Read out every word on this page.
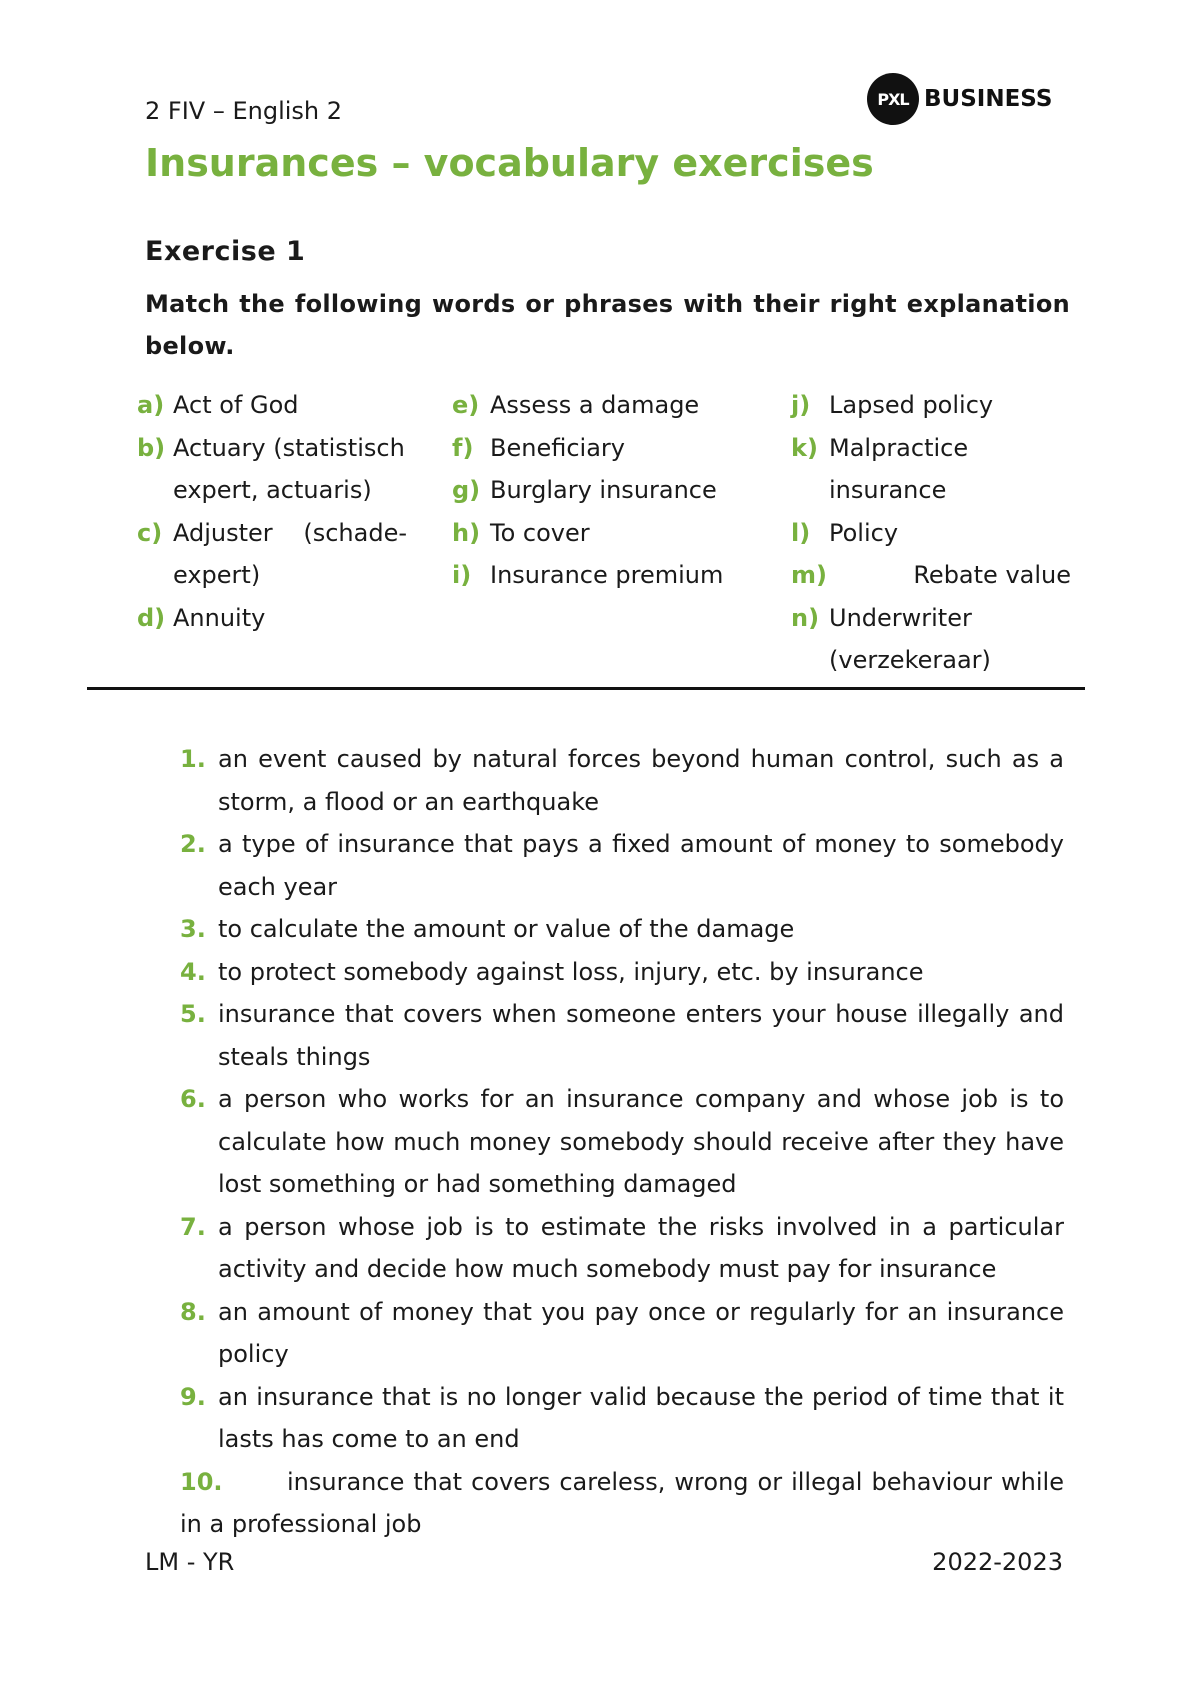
2 FIV – English 2	PXL BUSINESS
Insurances – vocabulary exercises
Exercise 1
Match the following words or phrases with their right explanation below.
a) Act of God
b) Actuary (statistisch expert, actuaris)
c) Adjuster (schade-expert)
d) Annuity
e) Assess a damage
f) Beneficiary
g) Burglary insurance
h) To cover
i) Insurance premium
j) Lapsed policy
k) Malpractice insurance
l) Policy
m)	Rebate value
n) Underwriter (verzekeraar)
1. an event caused by natural forces beyond human control, such as a storm, a flood or an earthquake
2. a type of insurance that pays a fixed amount of money to somebody each year
3. to calculate the amount or value of the damage
4. to protect somebody against loss, injury, etc. by insurance
5. insurance that covers when someone enters your house illegally and steals things
6. a person who works for an insurance company and whose job is to calculate how much money somebody should receive after they have lost something or had something damaged
7. a person whose job is to estimate the risks involved in a particular activity and decide how much somebody must pay for insurance
8. an amount of money that you pay once or regularly for an insurance policy
9. an insurance that is no longer valid because the period of time that it lasts has come to an end
10.	insurance that covers careless, wrong or illegal behaviour while in a professional job
LM - YR	2022-2023
